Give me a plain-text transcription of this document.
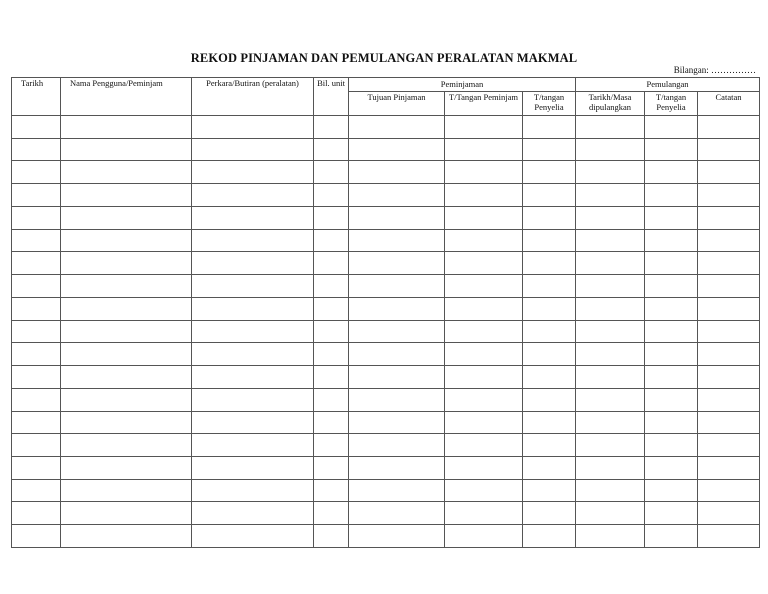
REKOD PINJAMAN DAN PEMULANGAN PERALATAN MAKMAL
Bilangan: ……………
Tarikh	Nama Pengguna/Peminjam	Perkara/Butiran (peralatan)	Bil. unit	Peminjaman			Pemulangan		
				Tujuan Pinjaman	T/Tangan Peminjam	T/tangan Penyelia	Tarikh/Masa dipulangkan	T/tangan Penyelia	Catatan
